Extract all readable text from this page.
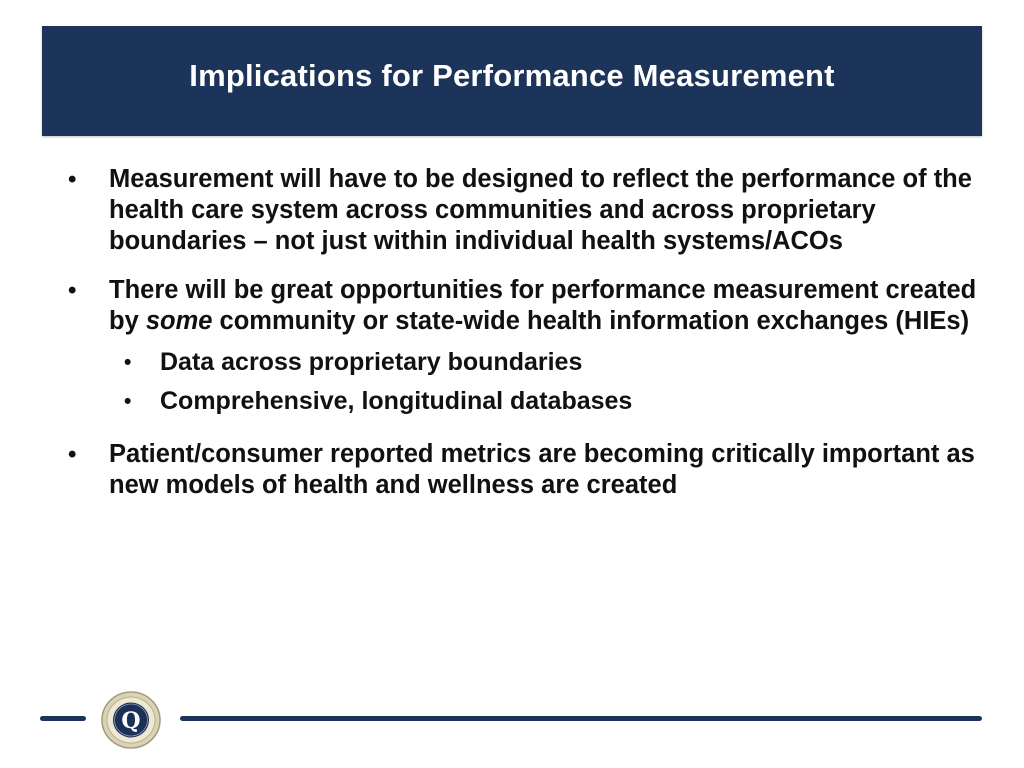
Implications for Performance Measurement
• Measurement will have to be designed to reflect the performance of the health care system across communities and across proprietary boundaries – not just within individual health systems/ACOs
• There will be great opportunities for performance measurement created by some community or state-wide health information exchanges (HIEs)
• Data across proprietary boundaries
• Comprehensive, longitudinal databases
• Patient/consumer reported metrics are becoming critically important as new models of health and wellness are created
Q
